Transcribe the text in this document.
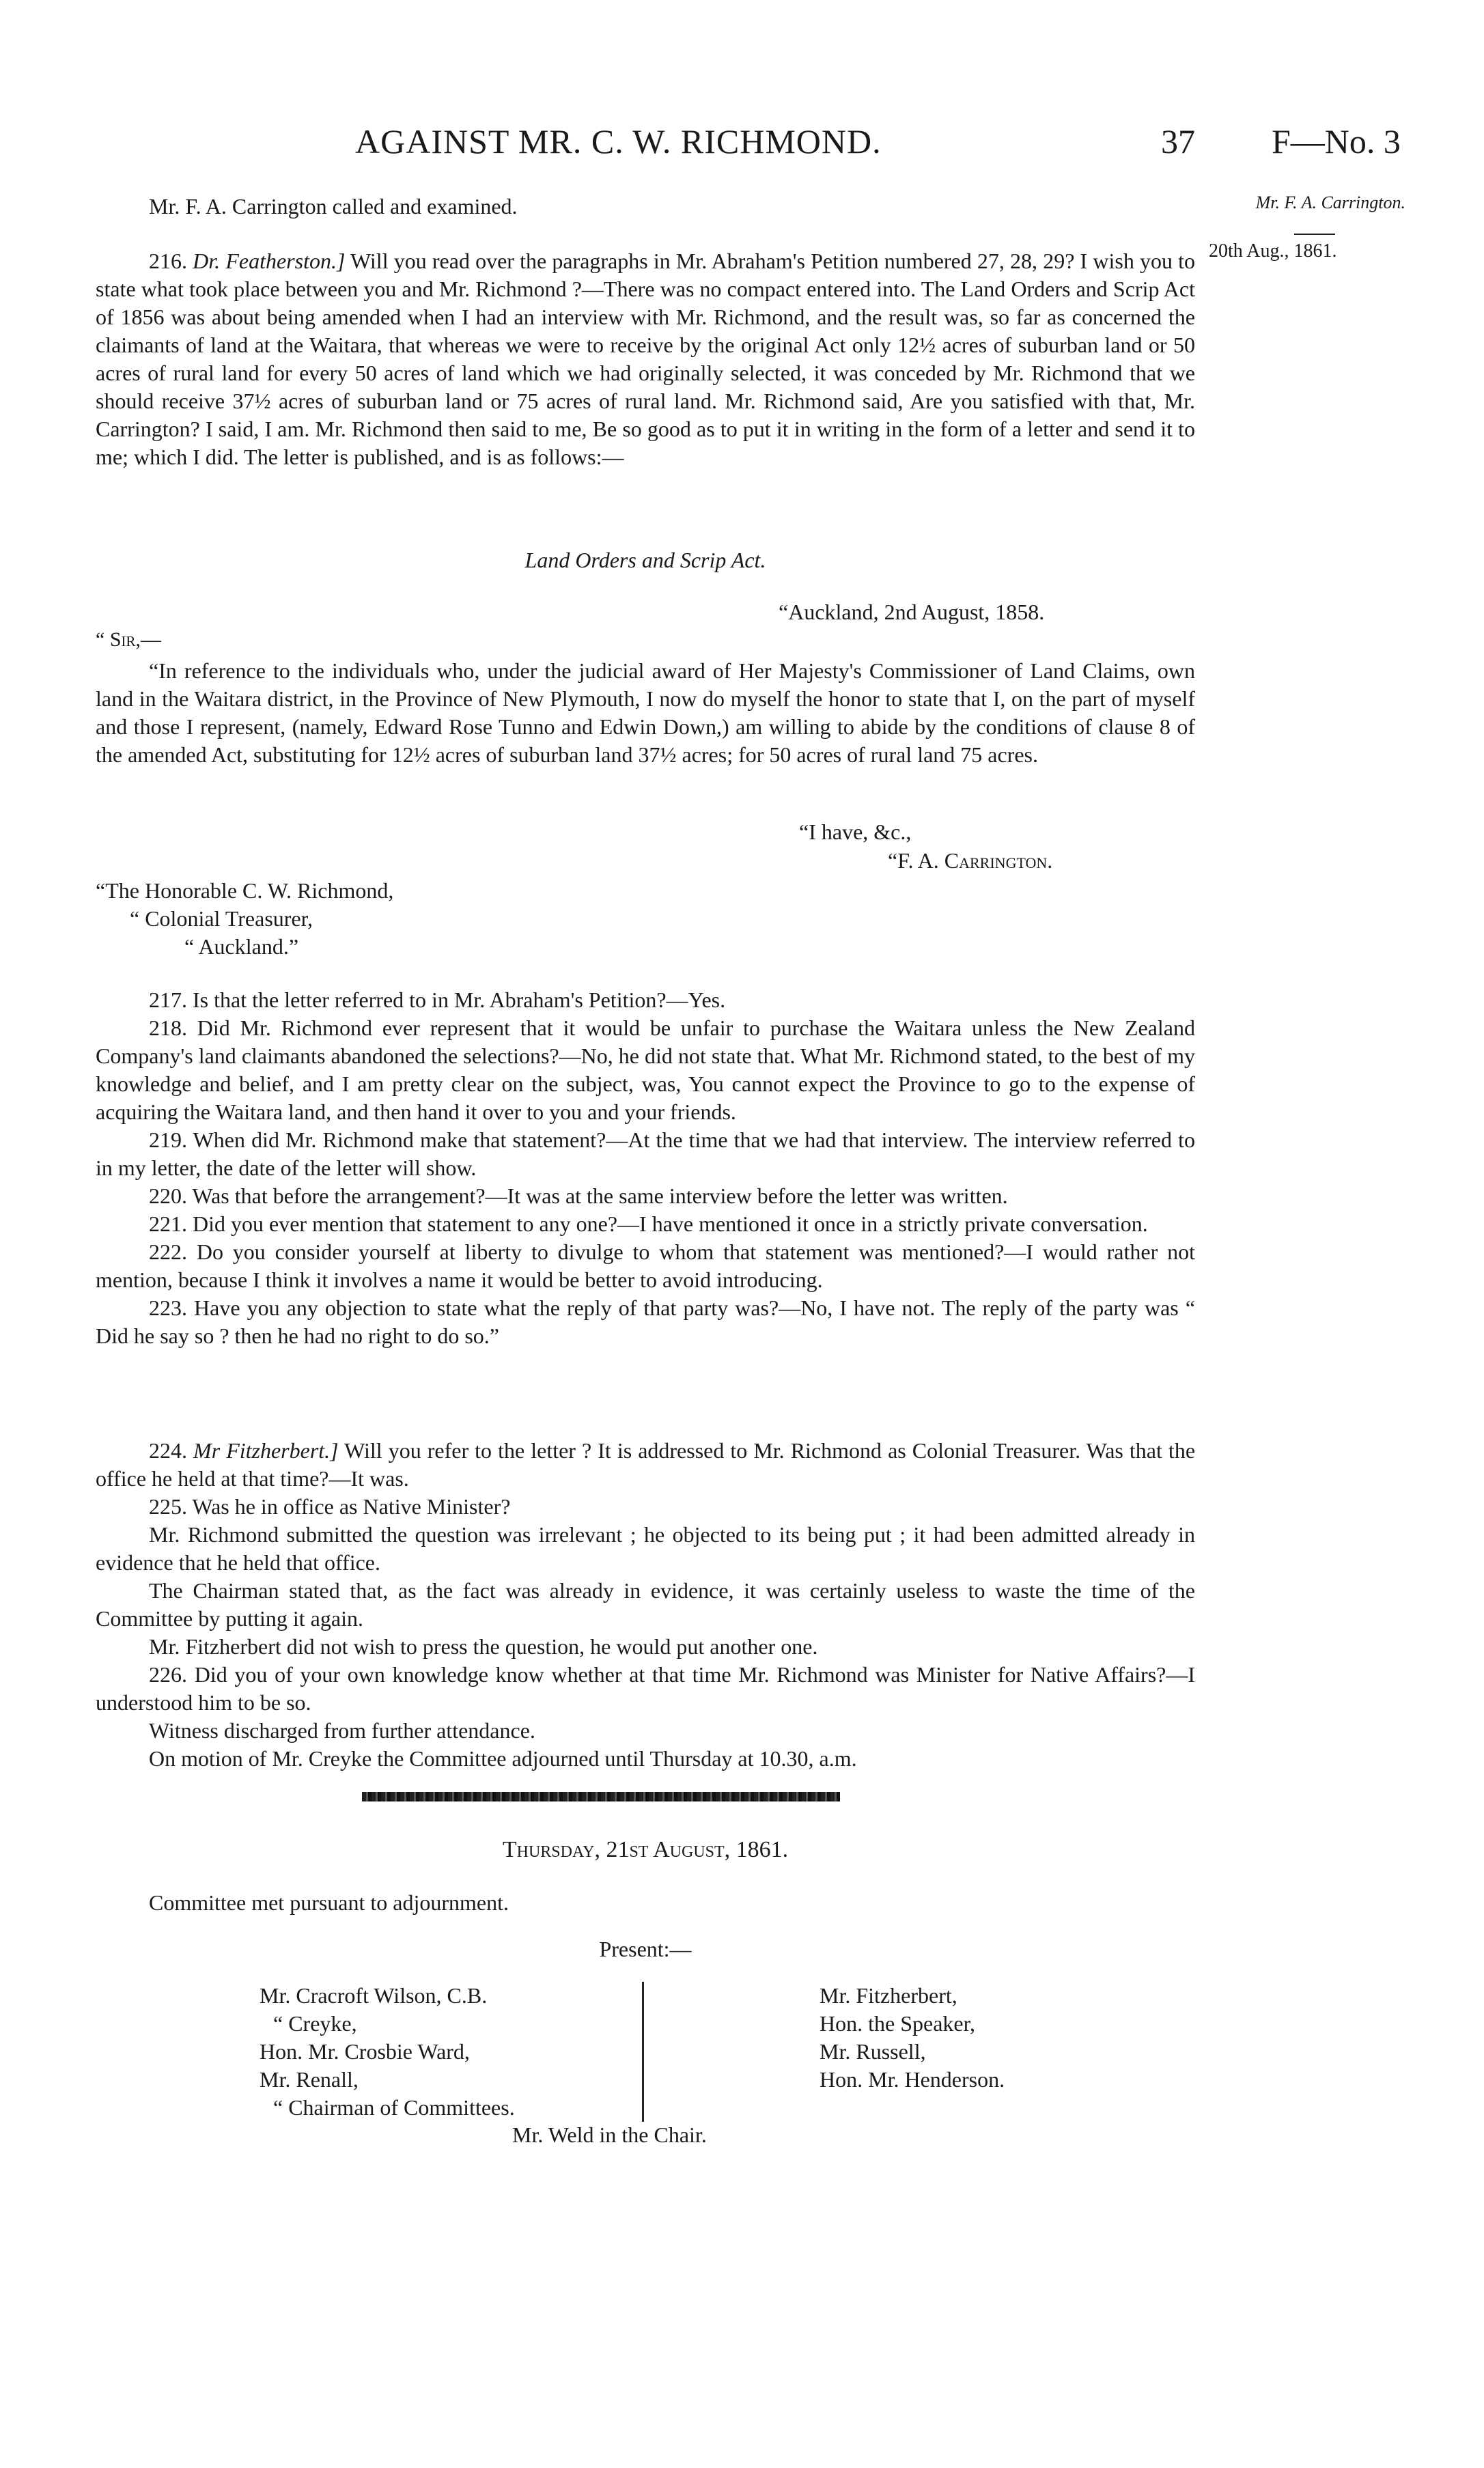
AGAINST MR. C. W. RICHMOND.	37 F—No. 3
Mr. F. A. Carrington.
20th Aug., 1861.

Mr. F. A. Carrington called and examined.

216. Dr. Featherston.] Will you read over the paragraphs in Mr. Abraham's Petition numbered 27, 28, 29? I wish you to state what took place between you and Mr. Richmond ?—There was no compact entered into. The Land Orders and Scrip Act of 1856 was about being amended when I had an interview with Mr. Richmond, and the result was, so far as concerned the claimants of land at the Waitara, that whereas we were to receive by the original Act only 12½ acres of suburban land or 50 acres of rural land for every 50 acres of land which we had originally selected, it was conceded by Mr. Richmond that we should receive 37½ acres of suburban land or 75 acres of rural land. Mr. Richmond said, Are you satisfied with that, Mr. Carrington? I said, I am. Mr. Richmond then said to me, Be so good as to put it in writing in the form of a letter and send it to me; which I did. The letter is published, and is as follows:—

Land Orders and Scrip Act.

“Auckland, 2nd August, 1858.
“ Sir,—

“In reference to the individuals who, under the judicial award of Her Majesty's Commissioner of Land Claims, own land in the Waitara district, in the Province of New Plymouth, I now do myself the honor to state that I, on the part of myself and those I represent, (namely, Edward Rose Tunno and Edwin Down,) am willing to abide by the conditions of clause 8 of the amended Act, substituting for 12½ acres of suburban land 37½ acres; for 50 acres of rural land 75 acres.

“I have, &c.,
“F. A. Carrington.
“The Honorable C. W. Richmond,
“ Colonial Treasurer,
“ Auckland.”

217. Is that the letter referred to in Mr. Abraham's Petition?—Yes.

218. Did Mr. Richmond ever represent that it would be unfair to purchase the Waitara unless the New Zealand Company's land claimants abandoned the selections?—No, he did not state that. What Mr. Richmond stated, to the best of my knowledge and belief, and I am pretty clear on the subject, was, You cannot expect the Province to go to the expense of acquiring the Waitara land, and then hand it over to you and your friends.

219. When did Mr. Richmond make that statement?—At the time that we had that interview. The interview referred to in my letter, the date of the letter will show.

220. Was that before the arrangement?—It was at the same interview before the letter was written.

221. Did you ever mention that statement to any one?—I have mentioned it once in a strictly private conversation.

222. Do you consider yourself at liberty to divulge to whom that statement was mentioned?—I would rather not mention, because I think it involves a name it would be better to avoid introducing.

223. Have you any objection to state what the reply of that party was?—No, I have not. The reply of the party was “ Did he say so ? then he had no right to do so.”

224. Mr Fitzherbert.] Will you refer to the letter ? It is addressed to Mr. Richmond as Colonial Treasurer. Was that the office he held at that time?—It was.

225. Was he in office as Native Minister?

Mr. Richmond submitted the question was irrelevant ; he objected to its being put ; it had been admitted already in evidence that he held that office.

The Chairman stated that, as the fact was already in evidence, it was certainly useless to waste the time of the Committee by putting it again.

Mr. Fitzherbert did not wish to press the question, he would put another one.

226. Did you of your own knowledge know whether at that time Mr. Richmond was Minister for Native Affairs?—I understood him to be so.

Witness discharged from further attendance.

On motion of Mr. Creyke the Committee adjourned until Thursday at 10.30, a.m.

Thursday, 21st August, 1861.
Committee met pursuant to adjournment.
Present:—
Mr. Cracroft Wilson, C.B.
“ Creyke,
Hon. Mr. Crosbie Ward,
Mr. Renall,
“ Chairman of Committees.
Mr. Fitzherbert,
Hon. the Speaker,
Mr. Russell,
Hon. Mr. Henderson.
Mr. Weld in the Chair.
